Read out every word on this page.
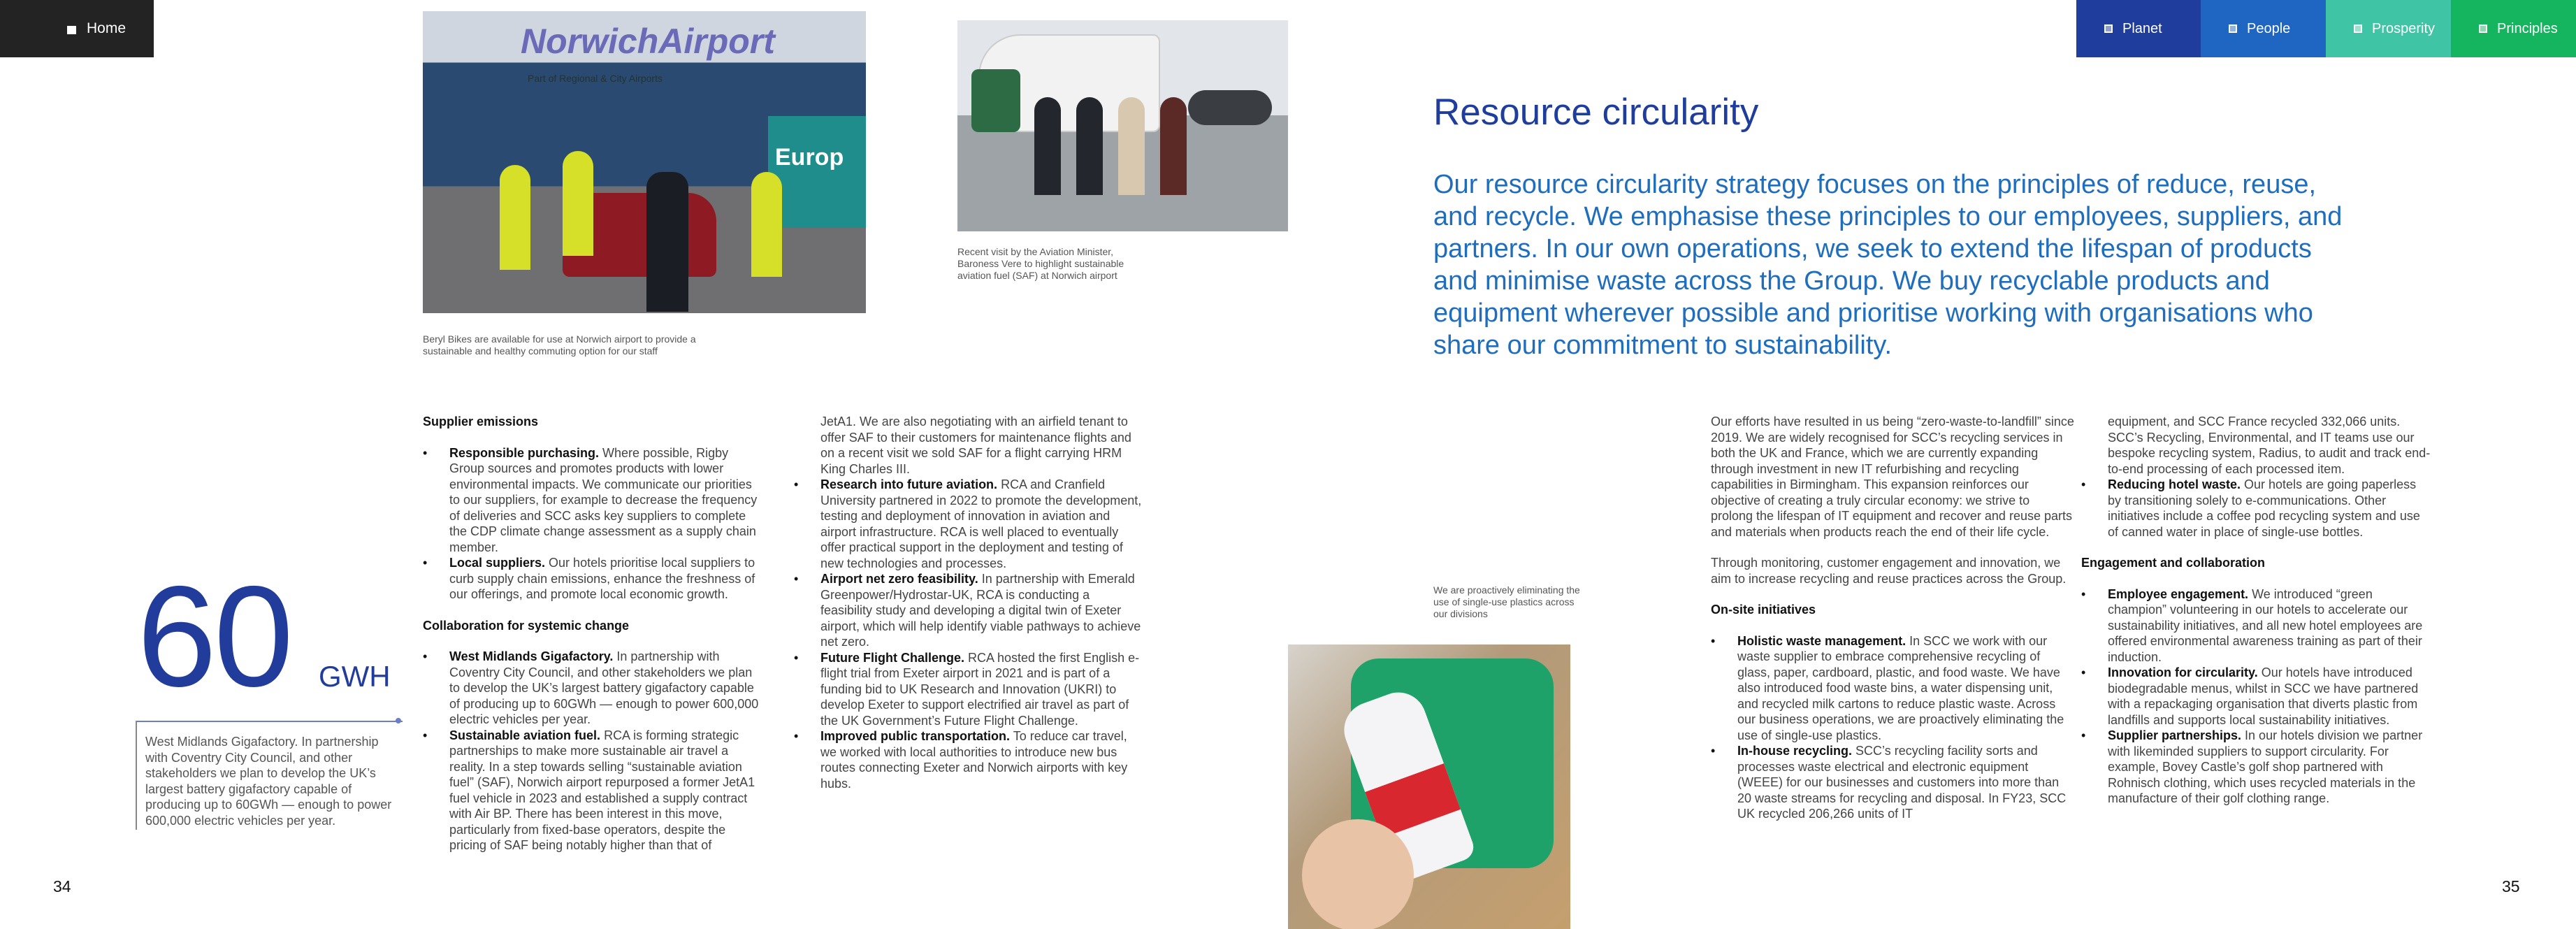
Home	Planet	People	Prosperity	Principles
NorwichAirport
Part of Regional & City Airports
Europ
Beryl Bikes are available for use at Norwich airport to provide a sustainable and healthy commuting option for our staff
Recent visit by the Aviation Minister, Baroness Vere to highlight sustainable aviation fuel (SAF) at Norwich airport
We are proactively eliminating the use of single-use plastics across our divisions
60 GWH
West Midlands Gigafactory. In partnership with Coventry City Council, and other stakeholders we plan to develop the UK’s largest battery gigafactory capable of producing up to 60GWh — enough to power 600,000 electric vehicles per year.
Supplier emissions
• Responsible purchasing. Where possible, Rigby Group sources and promotes products with lower environmental impacts. We communicate our priorities to our suppliers, for example to decrease the frequency of deliveries and SCC asks key suppliers to complete the CDP climate change assessment as a supply chain member.
• Local suppliers. Our hotels prioritise local suppliers to curb supply chain emissions, enhance the freshness of our offerings, and promote local economic growth.
Collaboration for systemic change
• West Midlands Gigafactory. In partnership with Coventry City Council, and other stakeholders we plan to develop the UK’s largest battery gigafactory capable of producing up to 60GWh — enough to power 600,000 electric vehicles per year.
• Sustainable aviation fuel. RCA is forming strategic partnerships to make more sustainable air travel a reality. In a step towards selling “sustainable aviation fuel” (SAF), Norwich airport repurposed a former JetA1 fuel vehicle in 2023 and established a supply contract with Air BP. There has been interest in this move, particularly from fixed-base operators, despite the pricing of SAF being notably higher than that of

JetA1. We are also negotiating with an airfield tenant to offer SAF to their customers for maintenance flights and on a recent visit we sold SAF for a flight carrying HRM King Charles III.

• Research into future aviation. RCA and Cranfield University partnered in 2022 to promote the development, testing and deployment of innovation in aviation and airport infrastructure. RCA is well placed to eventually offer practical support in the deployment and testing of new technologies and processes.
• Airport net zero feasibility. In partnership with Emerald Greenpower/Hydrostar-UK, RCA is conducting a feasibility study and developing a digital twin of Exeter airport, which will help identify viable pathways to achieve net zero.
• Future Flight Challenge. RCA hosted the first English e-flight trial from Exeter airport in 2021 and is part of a funding bid to UK Research and Innovation (UKRI) to develop Exeter to support electrified air travel as part of the UK Government’s Future Flight Challenge.
• Improved public transportation. To reduce car travel, we worked with local authorities to introduce new bus routes connecting Exeter and Norwich airports with key hubs.
Resource circularity
Our resource circularity strategy focuses on the principles of reduce, reuse, and recycle. We emphasise these principles to our employees, suppliers, and partners. In our own operations, we seek to extend the lifespan of products and minimise waste across the Group. We buy recyclable products and equipment wherever possible and prioritise working with organisations who share our commitment to sustainability.

Our efforts have resulted in us being “zero-waste-to-landfill” since 2019. We are widely recognised for SCC’s recycling services in both the UK and France, which we are currently expanding through investment in new IT refurbishing and recycling capabilities in Birmingham. This expansion reinforces our objective of creating a truly circular economy: we strive to prolong the lifespan of IT equipment and recover and reuse parts and materials when products reach the end of their life cycle.

Through monitoring, customer engagement and innovation, we aim to increase recycling and reuse practices across the Group.

On-site initiatives
• Holistic waste management. In SCC we work with our waste supplier to embrace comprehensive recycling of glass, paper, cardboard, plastic, and food waste. We have also introduced food waste bins, a water dispensing unit, and recycled milk cartons to reduce plastic waste. Across our business operations, we are proactively eliminating the use of single-use plastics.
• In-house recycling. SCC’s recycling facility sorts and processes waste electrical and electronic equipment (WEEE) for our businesses and customers into more than 20 waste streams for recycling and disposal. In FY23, SCC UK recycled 206,266 units of IT

equipment, and SCC France recycled 332,066 units. SCC’s Recycling, Environmental, and IT teams use our bespoke recycling system, Radius, to audit and track end-to-end processing of each processed item.

• Reducing hotel waste. Our hotels are going paperless by transitioning solely to e-communications. Other initiatives include a coffee pod recycling system and use of canned water in place of single-use bottles.
Engagement and collaboration
• Employee engagement. We introduced “green champion” volunteering in our hotels to accelerate our sustainability initiatives, and all new hotel employees are offered environmental awareness training as part of their induction.
• Innovation for circularity. Our hotels have introduced biodegradable menus, whilst in SCC we have partnered with a repackaging organisation that diverts plastic from landfills and supports local sustainability initiatives.
• Supplier partnerships. In our hotels division we partner with likeminded suppliers to support circularity. For example, Bovey Castle’s golf shop partnered with Rohnisch clothing, which uses recycled materials in the manufacture of their golf clothing range.
34	35
